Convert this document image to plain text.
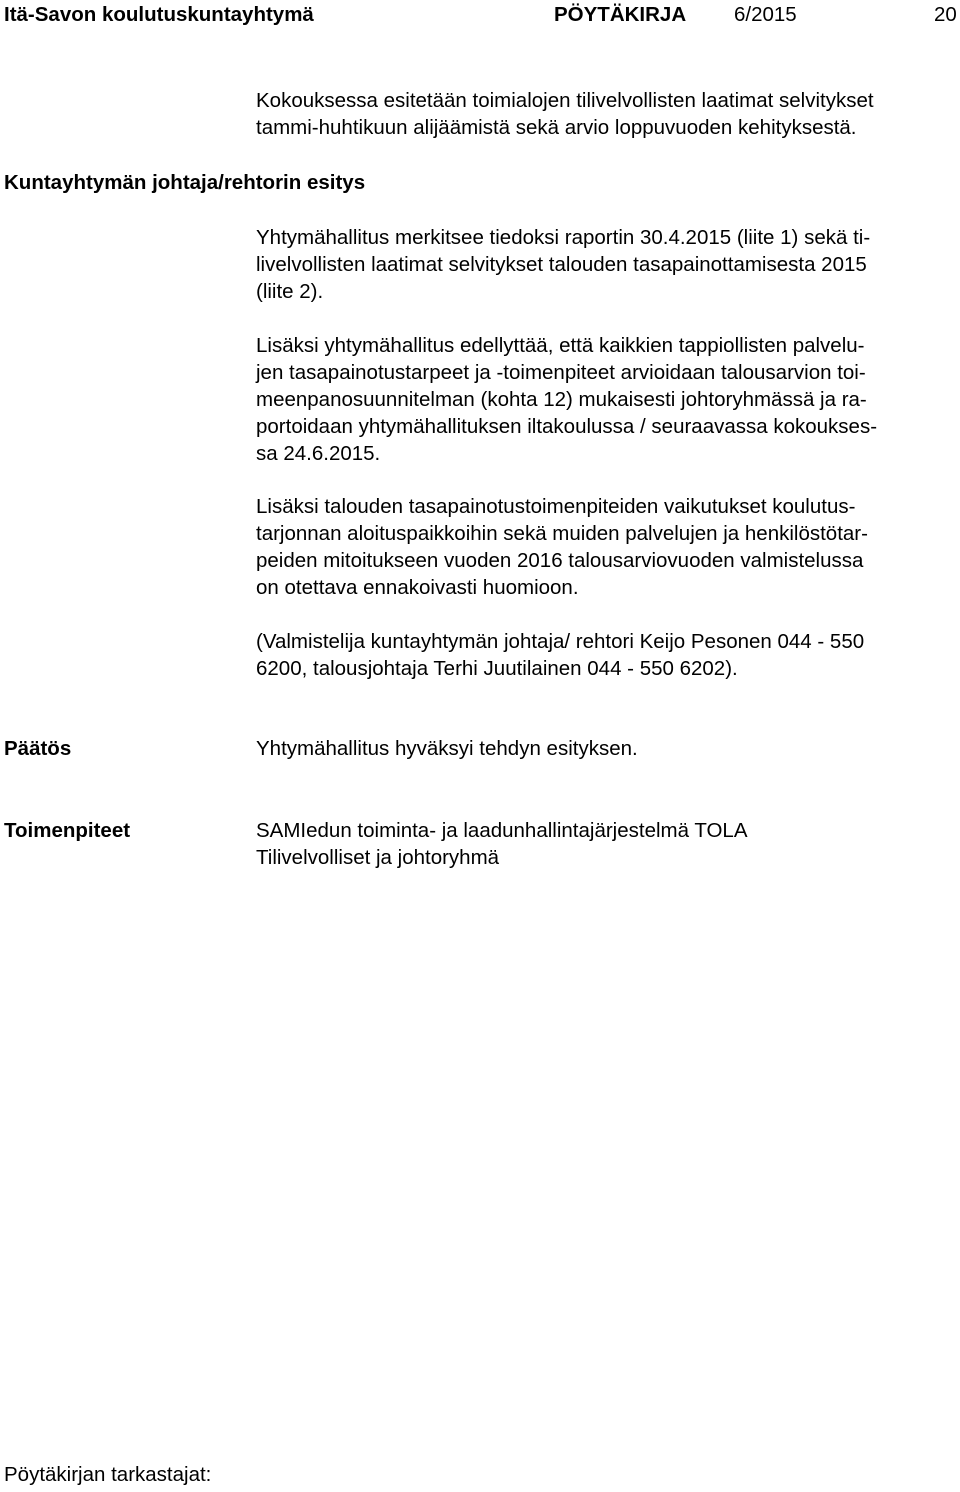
Itä-Savon koulutuskuntayhtymä	PÖYTÄKIRJA 6/2015	20
Kokouksessa esitetään toimialojen tilivelvollisten laatimat selvitykset
tammi-huhtikuun alijäämistä sekä arvio loppuvuoden kehityksestä.
Kuntayhtymän johtaja/rehtorin esitys
Yhtymähallitus merkitsee tiedoksi raportin 30.4.2015 (liite 1) sekä ti-
livelvollisten laatimat selvitykset talouden tasapainottamisesta 2015
(liite 2).
Lisäksi yhtymähallitus edellyttää, että kaikkien tappiollisten palvelu-
jen tasapainotustarpeet ja -toimenpiteet arvioidaan talousarvion toi-
meenpanosuunnitelman (kohta 12) mukaisesti johtoryhmässä ja ra-
portoidaan yhtymähallituksen iltakoulussa / seuraavassa kokoukses-
sa 24.6.2015.
Lisäksi talouden tasapainotustoimenpiteiden vaikutukset koulutus-
tarjonnan aloituspaikkoihin sekä muiden palvelujen ja henkilöstötar-
peiden mitoitukseen vuoden 2016 talousarviovuoden valmistelussa
on otettava ennakoivasti huomioon.
(Valmistelija kuntayhtymän johtaja/ rehtori Keijo Pesonen 044 - 550
6200, talousjohtaja Terhi Juutilainen 044 - 550 6202).
Päätös	Yhtymähallitus hyväksyi tehdyn esityksen.
Toimenpiteet	SAMIedun toiminta- ja laadunhallintajärjestelmä TOLA
Tilivelvolliset ja johtoryhmä
Pöytäkirjan tarkastajat:
